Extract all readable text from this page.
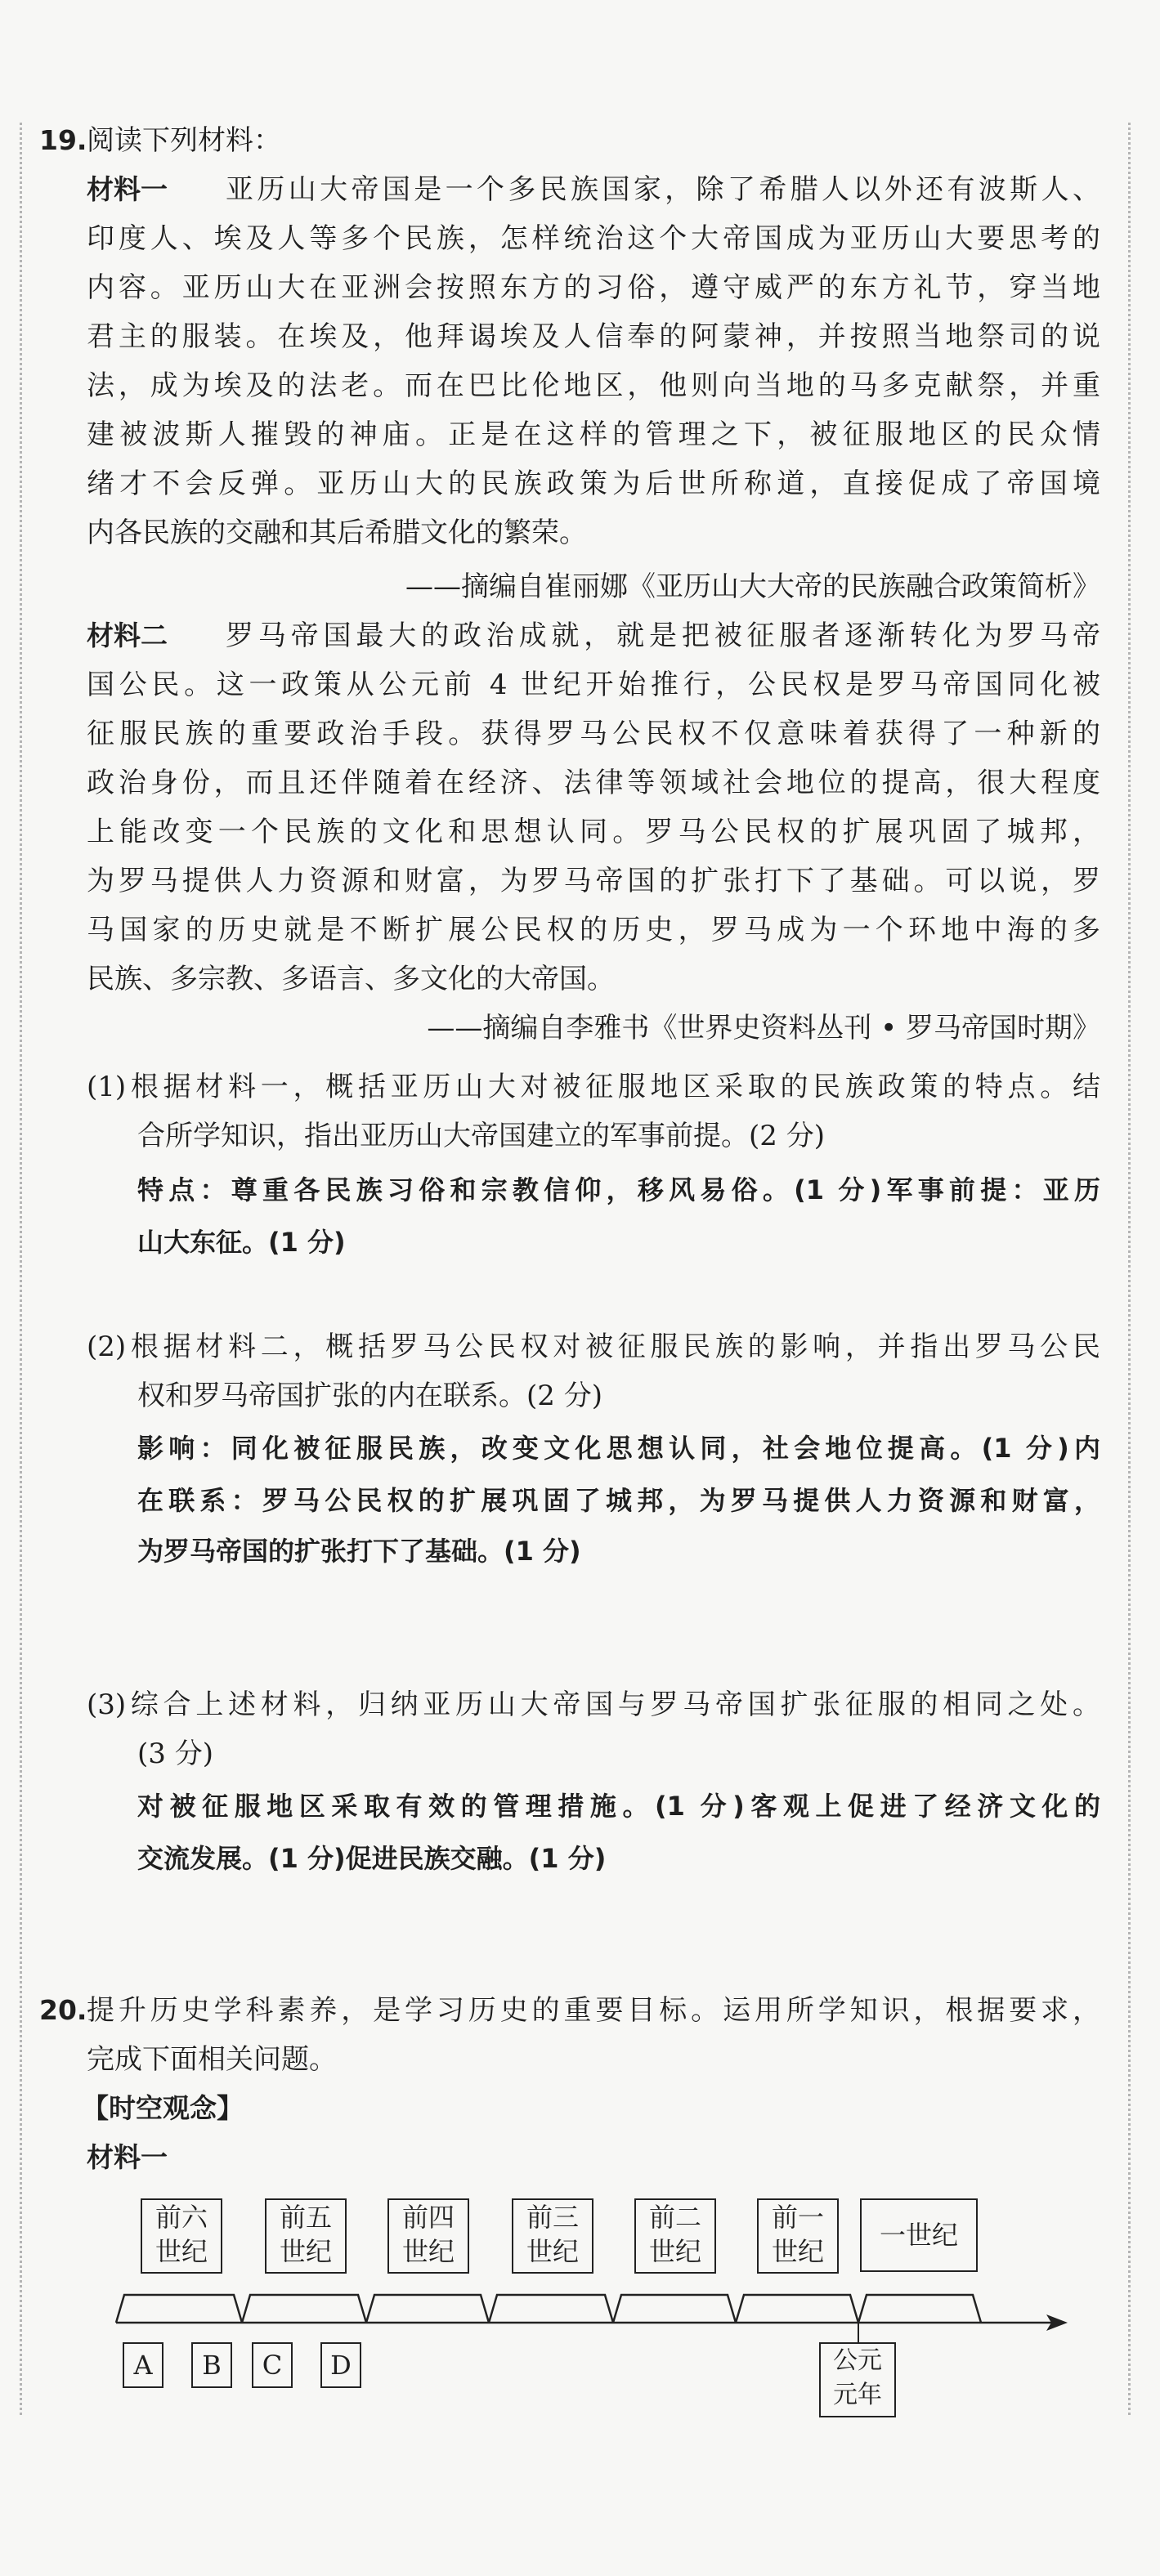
19. 阅读下列材料：
材料一 亚历山大帝国是一个多民族国家，除了希腊人以外还有波斯人、
印度人、埃及人等多个民族，怎样统治这个大帝国成为亚历山大要思考的
内容。亚历山大在亚洲会按照东方的习俗，遵守威严的东方礼节，穿当地
君主的服装。在埃及，他拜谒埃及人信奉的阿蒙神，并按照当地祭司的说
法，成为埃及的法老。而在巴比伦地区，他则向当地的马多克献祭，并重
建被波斯人摧毁的神庙。正是在这样的管理之下，被征服地区的民众情
绪才不会反弹。亚历山大的民族政策为后世所称道，直接促成了帝国境
内各民族的交融和其后希腊文化的繁荣。
——摘编自崔丽娜《亚历山大大帝的民族融合政策简析》
材料二 罗马帝国最大的政治成就，就是把被征服者逐渐转化为罗马帝
国公民。这一政策从公元前 4 世纪开始推行，公民权是罗马帝国同化被
征服民族的重要政治手段。获得罗马公民权不仅意味着获得了一种新的
政治身份，而且还伴随着在经济、法律等领域社会地位的提高，很大程度
上能改变一个民族的文化和思想认同。罗马公民权的扩展巩固了城邦，
为罗马提供人力资源和财富，为罗马帝国的扩张打下了基础。可以说，罗
马国家的历史就是不断扩展公民权的历史，罗马成为一个环地中海的多
民族、多宗教、多语言、多文化的大帝国。
——摘编自李雅书《世界史资料丛刊 • 罗马帝国时期》
(1)根据材料一，概括亚历山大对被征服地区采取的民族政策的特点。结
合所学知识，指出亚历山大帝国建立的军事前提。(2 分)
特点：尊重各民族习俗和宗教信仰，移风易俗。(1 分)军事前提：亚历
山大东征。(1 分)
(2)根据材料二，概括罗马公民权对被征服民族的影响，并指出罗马公民
权和罗马帝国扩张的内在联系。(2 分)
影响：同化被征服民族，改变文化思想认同，社会地位提高。(1 分)内
在联系：罗马公民权的扩展巩固了城邦，为罗马提供人力资源和财富，
为罗马帝国的扩张打下了基础。(1 分)
(3)综合上述材料，归纳亚历山大帝国与罗马帝国扩张征服的相同之处。
(3 分)
对被征服地区采取有效的管理措施。(1 分)客观上促进了经济文化的
交流发展。(1 分)促进民族交融。(1 分)
20. 提升历史学科素养，是学习历史的重要目标。运用所学知识，根据要求，
完成下面相关问题。
【时空观念】
材料一
前六
世纪
前五
世纪
前四
世纪
前三
世纪
前二
世纪
前一
世纪
一世纪
A	B	C	D	公元
元年
